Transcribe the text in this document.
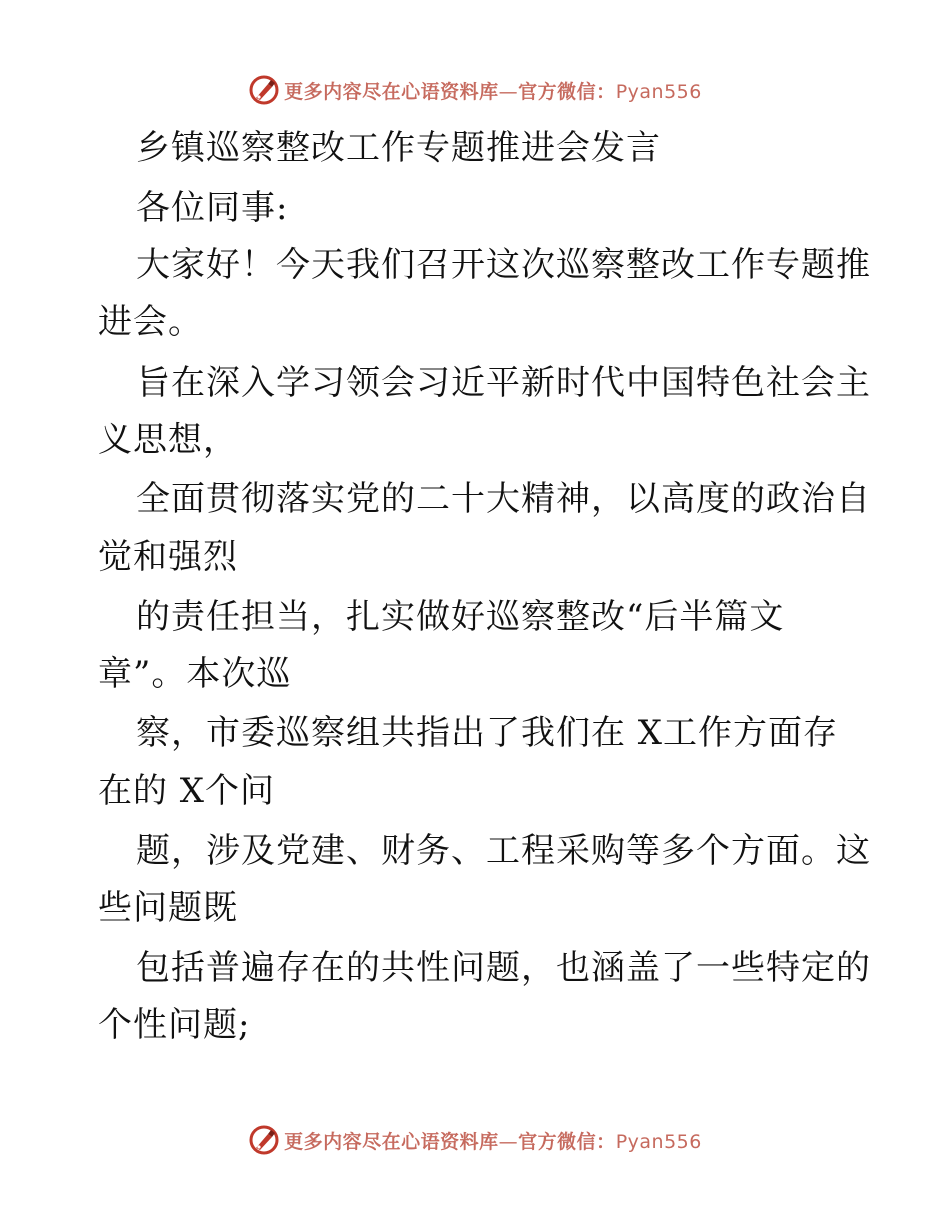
更多内容尽在心语资料库—官方微信：Pyan556
乡镇巡察整改工作专题推进会发言
各位同事:
大家好！今天我们召开这次巡察整改工作专题推
进会。
旨在深入学习领会习近平新时代中国特色社会主
义思想，
全面贯彻落实党的二十大精神，以高度的政治自
觉和强烈
的责任担当，扎实做好巡察整改“后半篇文
章”。本次巡
察，市委巡察组共指出了我们在 X工作方面存
在的 X个问
题，涉及党建、财务、工程采购等多个方面。这
些问题既
包括普遍存在的共性问题，也涵盖了一些特定的
个性问题;
更多内容尽在心语资料库—官方微信：Pyan556
